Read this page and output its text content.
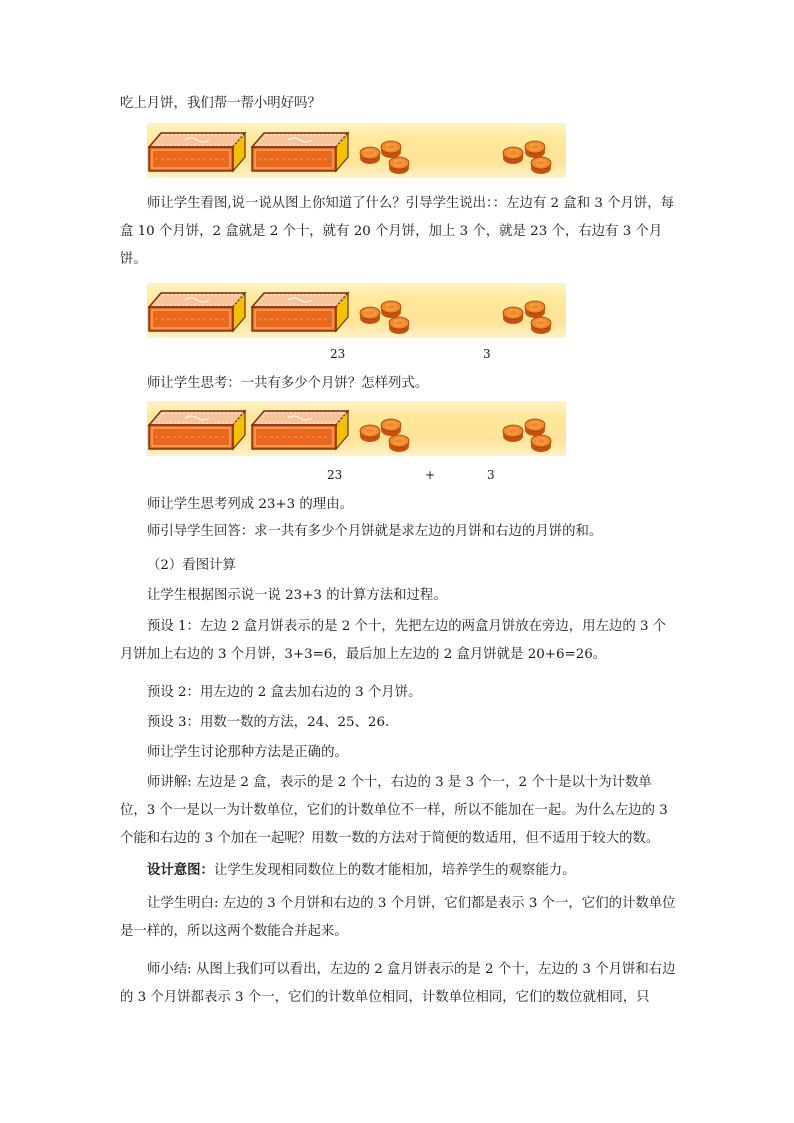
吃上月饼，我们帮一帮小明好吗？
师让学生看图,说一说从图上你知道了什么？引导学生说出：：左边有 2 盒和 3 个月饼，每盒 10 个月饼，2 盒就是 2 个十，就有 20 个月饼，加上 3 个，就是 23 个，右边有 3 个月饼。
23	3
师让学生思考：一共有多少个月饼？怎样列式。
23	+	3
师让学生思考列成 23+3 的理由。
师引导学生回答：求一共有多少个月饼就是求左边的月饼和右边的月饼的和。
（2）看图计算
让学生根据图示说一说 23+3 的计算方法和过程。
预设 1：左边 2 盒月饼表示的是 2 个十，先把左边的两盒月饼放在旁边，用左边的 3 个月饼加上右边的 3 个月饼，3+3=6，最后加上左边的 2 盒月饼就是 20+6=26。
预设 2：用左边的 2 盒去加右边的 3 个月饼。
预设 3：用数一数的方法，24、25、26.
师让学生讨论那种方法是正确的。
师讲解: 左边是 2 盒，表示的是 2 个十，右边的 3 是 3 个一，2 个十是以十为计数单位，3 个一是以一为计数单位，它们的计数单位不一样，所以不能加在一起。为什么左边的 3 个能和右边的 3 个加在一起呢？用数一数的方法对于简便的数适用，但不适用于较大的数。
设计意图：让学生发现相同数位上的数才能相加，培养学生的观察能力。
让学生明白: 左边的 3 个月饼和右边的 3 个月饼，它们都是表示 3 个一，它们的计数单位是一样的，所以这两个数能合并起来。
师小结: 从图上我们可以看出，左边的 2 盒月饼表示的是 2 个十，左边的 3 个月饼和右边的 3 个月饼都表示 3 个一，它们的计数单位相同，计数单位相同，它们的数位就相同，只
